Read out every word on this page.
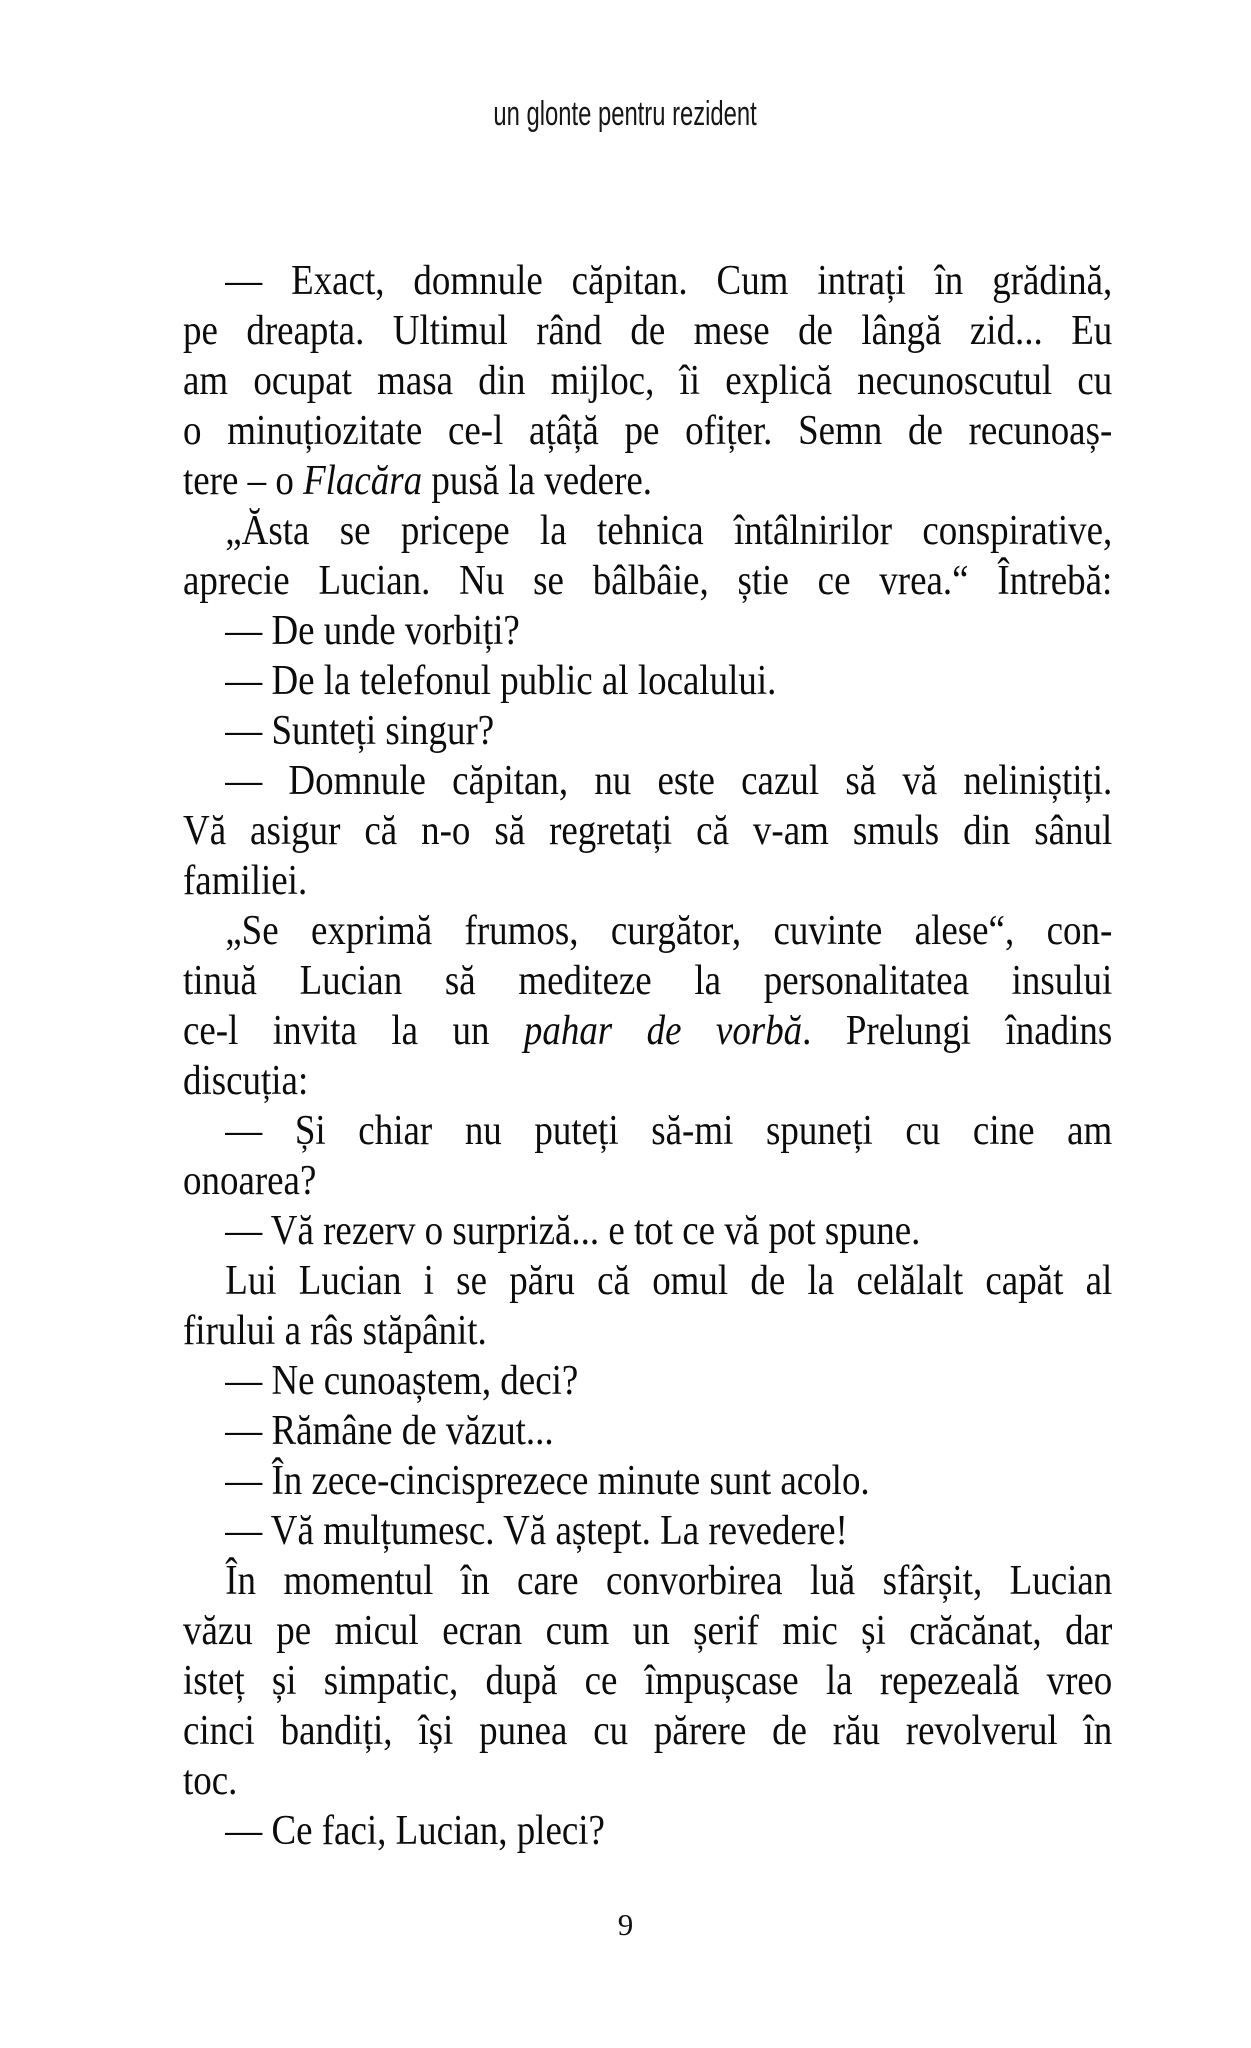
un glonte pentru rezident
— Exact, domnule căpitan. Cum intrați în grădină,
pe dreapta. Ultimul rând de mese de lângă zid... Eu
am ocupat masa din mijloc, îi explică necunoscutul cu
o minuțiozitate ce-l ațâță pe ofițer. Semn de recunoaș-
tere – o Flacăra pusă la vedere.
„Ăsta se pricepe la tehnica întâlnirilor conspirative,
aprecie Lucian. Nu se bâlbâie, știe ce vrea.“ Întrebă:
— De unde vorbiți?
— De la telefonul public al localului.
— Sunteți singur?
— Domnule căpitan, nu este cazul să vă neliniștiți.
Vă asigur că n-o să regretați că v-am smuls din sânul
familiei.
„Se exprimă frumos, curgător, cuvinte alese“, con-
tinuă Lucian să mediteze la personalitatea insului
ce-l invita la un pahar de vorbă. Prelungi înadins
discuția:
— Și chiar nu puteți să-mi spuneți cu cine am
onoarea?
— Vă rezerv o surpriză... e tot ce vă pot spune.
Lui Lucian i se păru că omul de la celălalt capăt al
firului a râs stăpânit.
— Ne cunoaștem, deci?
— Rămâne de văzut...
— În zece-cincisprezece minute sunt acolo.
— Vă mulțumesc. Vă aștept. La revedere!
În momentul în care convorbirea luă sfârșit, Lucian
văzu pe micul ecran cum un șerif mic și crăcănat, dar
isteț și simpatic, după ce împușcase la repezeală vreo
cinci bandiți, își punea cu părere de rău revolverul în
toc.
— Ce faci, Lucian, pleci?
9
